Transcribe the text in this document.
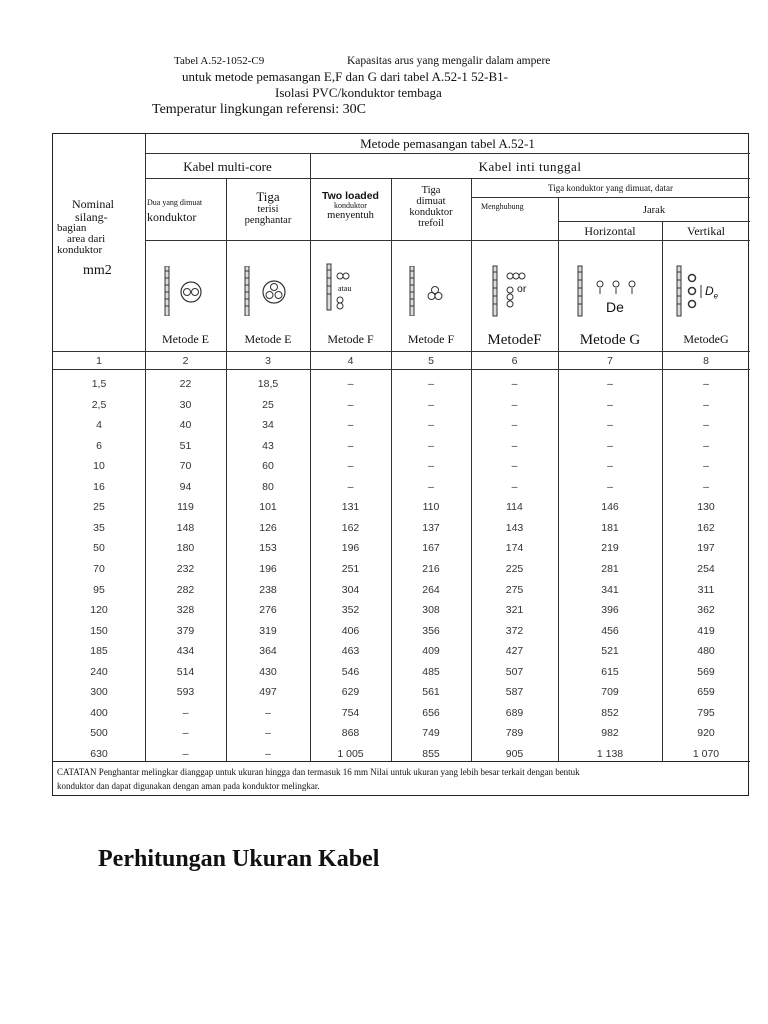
Tabel A.52-1052-C9	Kapasitas arus yang mengalir dalam ampere
untuk metode pemasangan E,F dan G dari tabel A.52-1 52-B1-
Isolasi PVC/konduktor tembaga
Temperatur lingkungan referensi: 30C
Metode pemasangan tabel A.52-1
Kabel multi-core	Kabel inti tunggal
Tiga konduktor yang dimuat, datar
Jarak
Horizontal	Vertikal
Nominal
silang-
bagian
area dari
konduktor
mm2
Dua yang dimuat
konduktor
Tiga
terisi
penghantar
Two loaded
konduktor
menyentuh
Tiga
dimuat
konduktor
trefoil
Menghubung
atau	or
De
$D_e$
Metode E	Metode E	Metode F	Metode F	MetodeF	Metode G	MetodeG
1	2	3	4	5	6	7	8
1,5	22	18,5	–	–	–	–	–
2,5	30	25	–	–	–	–	–
4	40	34	–	–	–	–	–
6	51	43	–	–	–	–	–
10	70	60	–	–	–	–	–
16	94	80	–	–	–	–	–
25	119	101	131	110	114	146	130
35	148	126	162	137	143	181	162
50	180	153	196	167	174	219	197
70	232	196	251	216	225	281	254
95	282	238	304	264	275	341	311
120	328	276	352	308	321	396	362
150	379	319	406	356	372	456	419
185	434	364	463	409	427	521	480
240	514	430	546	485	507	615	569
300	593	497	629	561	587	709	659
400	–	–	754	656	689	852	795
500	–	–	868	749	789	982	920
630	–	–	1 005	855	905	1 138	1 070
CATATAN Penghantar melingkar dianggap untuk ukuran hingga dan termasuk 16 mm Nilai untuk ukuran yang lebih besar terkait dengan bentuk
konduktor dan dapat digunakan dengan aman pada konduktor melingkar.
Perhitungan Ukuran Kabel
